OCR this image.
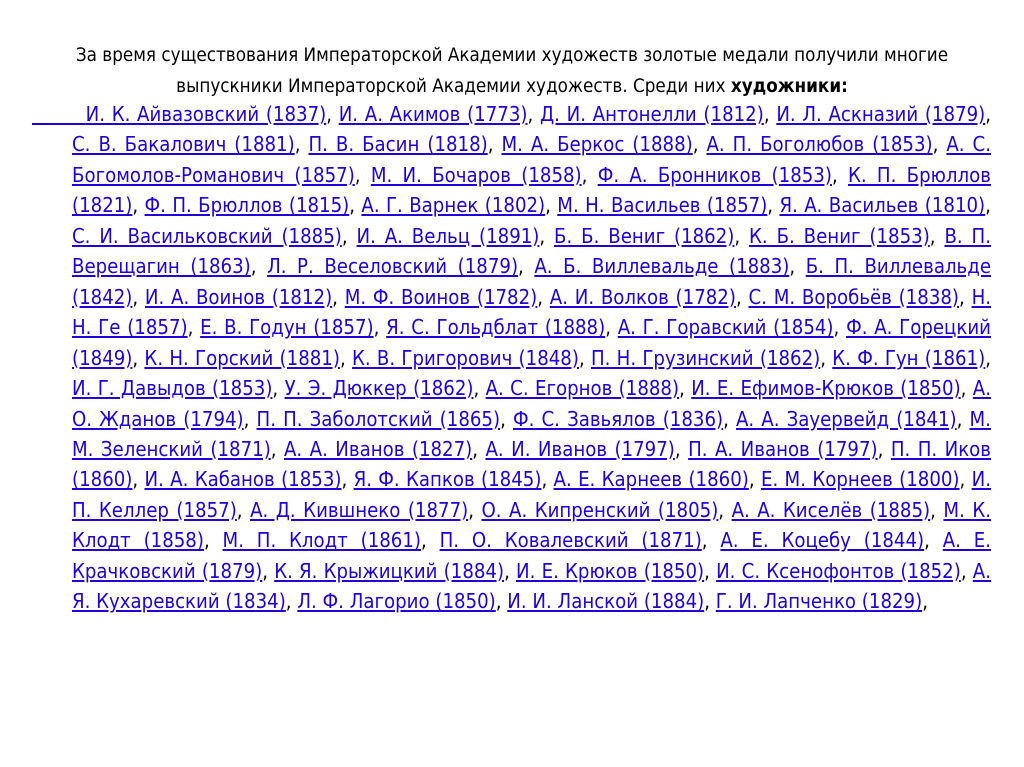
За время существования Императорской Академии художеств золотые медали получили многие выпускники Императорской Академии художеств. Среди них художники:
И. К. Айвазовский (1837), И. А. Акимов (1773), Д. И. Антонелли (1812), И. Л. Аскназий (1879), С. В. Бакалович (1881), П. В. Басин (1818), М. А. Беркос (1888), А. П. Боголюбов (1853), А. С. Богомолов-Романович (1857), М. И. Бочаров (1858), Ф. А. Бронников (1853), К. П. Брюллов (1821), Ф. П. Брюллов (1815), А. Г. Варнек (1802), М. Н. Васильев (1857), Я. А. Васильев (1810), С. И. Васильковский (1885), И. А. Вельц (1891), Б. Б. Вениг (1862), К. Б. Вениг (1853), В. П. Верещагин (1863), Л. Р. Веселовский (1879), А. Б. Виллевальде (1883), Б. П. Виллевальде (1842), И. А. Воинов (1812), М. Ф. Воинов (1782), А. И. Волков (1782), С. М. Воробьёв (1838), Н. Н. Ге (1857), Е. В. Годун (1857), Я. С. Гольдблат (1888), А. Г. Горавский (1854), Ф. А. Горецкий (1849), К. Н. Горский (1881), К. В. Григорович (1848), П. Н. Грузинский (1862), К. Ф. Гун (1861), И. Г. Давыдов (1853), У. Э. Дюккер (1862), А. С. Егорнов (1888), И. Е. Ефимов-Крюков (1850), А. О. Жданов (1794), П. П. Заболотский (1865), Ф. С. Завьялов (1836), А. А. Зауервейд (1841), М. М. Зеленский (1871), А. А. Иванов (1827), А. И. Иванов (1797), П. А. Иванов (1797), П. П. Иков (1860), И. А. Кабанов (1853), Я. Ф. Капков (1845), А. Е. Карнеев (1860), Е. М. Корнеев (1800), И. П. Келлер (1857), А. Д. Кившнеко (1877), О. А. Кипренский (1805), А. А. Киселёв (1885), М. К. Клодт (1858), М. П. Клодт (1861), П. О. Ковалевский (1871), А. Е. Коцебу (1844), А. Е. Крачковский (1879), К. Я. Крыжицкий (1884), И. Е. Крюков (1850), И. С. Ксенофонтов (1852), А. Я. Кухаревский (1834), Л. Ф. Лагорио (1850), И. И. Ланской (1884), Г. И. Лапченко (1829),
